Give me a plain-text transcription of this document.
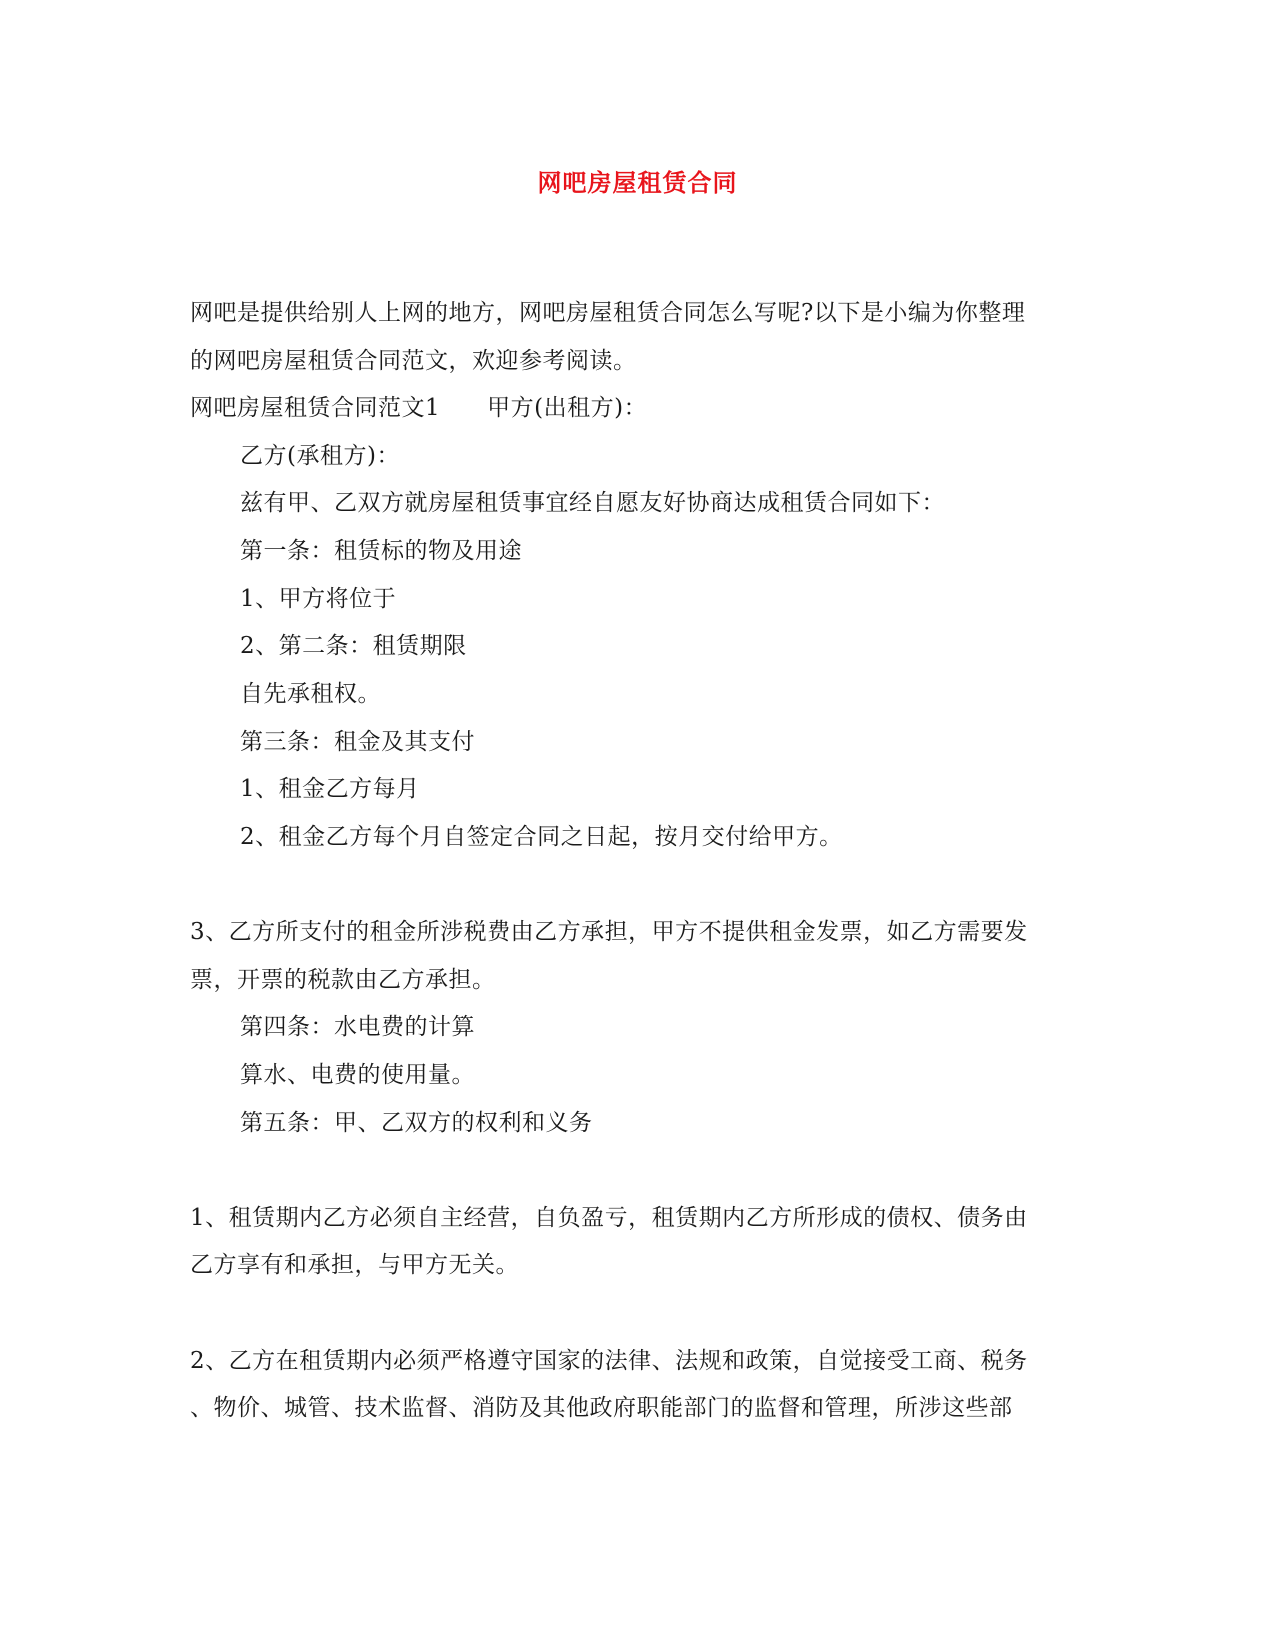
网吧房屋租赁合同
网吧是提供给别人上网的地方，网吧房屋租赁合同怎么写呢?以下是小编为你整理
的网吧房屋租赁合同范文，欢迎参考阅读。
网吧房屋租赁合同范文1　　甲方(出租方)：
乙方(承租方)：
兹有甲、乙双方就房屋租赁事宜经自愿友好协商达成租赁合同如下：
第一条：租赁标的物及用途
1、甲方将位于
2、第二条：租赁期限
自先承租权。
第三条：租金及其支付
1、租金乙方每月
2、租金乙方每个月自签定合同之日起，按月交付给甲方。
3、乙方所支付的租金所涉税费由乙方承担，甲方不提供租金发票，如乙方需要发
票，开票的税款由乙方承担。
第四条：水电费的计算
算水、电费的使用量。
第五条：甲、乙双方的权利和义务
1、租赁期内乙方必须自主经营，自负盈亏，租赁期内乙方所形成的债权、债务由
乙方享有和承担，与甲方无关。
2、乙方在租赁期内必须严格遵守国家的法律、法规和政策，自觉接受工商、税务
、物价、城管、技术监督、消防及其他政府职能部门的监督和管理，所涉这些部
